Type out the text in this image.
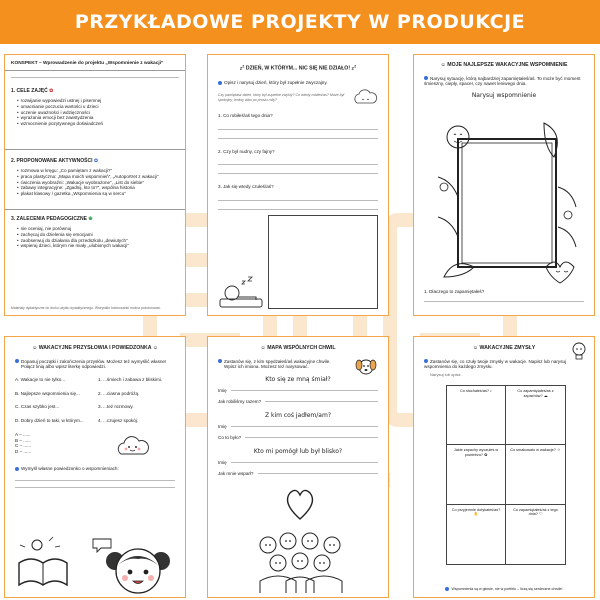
PRZYKŁADOWE PROJEKTY W PRODUKCJE
KONSPEKT – Wprowadzenie do projektu „Wspomnienie z wakacji”
1. CELE ZAJĘĆ ✿
• rozwijanie wypowiedzi ustnej i pisemnej
• umacnianie poczucia wartości u dzieci
• uczenie uważności i wdzięczności
• wyrażania emocji bez zawstydzenia
• wzmocnienie pozytywnego doświadczeń
2. PROPONOWANE AKTYWNOŚCI ✿
• rozmowa w kręgu: „Co pamiętam z wakacji?”
• praca plastyczna: „Mapa moich wspomnień”, „Autoportret z wakacji”
• ćwiczenia wyobraźni: „Wakacje wyobrażone”, „List do siebie”
• zabawy integracyjne: „Zgadnij, kto to?”, wspólna historia
• plakat klasowy / gazetka „Wspomnienia są w sercu”
3. ZALECENIA PEDAGOGICZNE ❀
• nie oceniaj, nie porównuj
• zachęcaj do dzielenia się emocjami
• zaobserwuj do działania dla przedszkolu „dewiutych”
• wspieraj dzieci, którym nie miały „ulubionych wakacji”
Materiały dydaktyczne do druku użytku dydaktycznego. Wszystkie kolorowanki można pokolorować.
$z^z$ DZIEŃ, W KTÓRYM... NIC SIĘ NIE DZIAŁO! $z^z$
Opisz i narysuj dzień, który był zupełnie zwyczajny.
Czy pamiętasz dzień, który był zupełnie zwykły? Co wtedy robiłeś/aś? Może był spokojny, leniwy albo po prostu miły?
1. Co robiłeś/aś tego dnia?
2. Czy był nudny, czy fajny?
3. Jak się wtedy czułeś/aś?
☺ MOJE NAJLEPSZE WAKACYJNE WSPOMNIENIE
Narysuj sytuację, którą najbardziej zapamiętałeś/aś. To może być moment śmieszny, ciepły, spacer, czy nawet leniwego dnia.
Narysuj wspomnienie
1. Dlaczego to zapamiętałeś?
☺ WAKACYJNE PRZYSŁOWIA I POWIEDZONKA ☺
Dopasuj początki i zakończenia przysłów. Możesz też wymyślić własne!
Połącz linią albo wpisz literkę odpowiedzi.
A. Wakacje to nie tylko...
B. Najlepsze wspomnienia się...
C. Czas szybko jest...
D. Dobry dzień to taki, w którym...
1. ...śmiech i zabawa z bliskimi.
2. ...ciasna podróżą.
3. ...też rozmowy.
4. ...czujesz spokój.
A – ......
B – ......
C – ......
D – ......
Wymyśl własne powiedzonko o wspomnieniach:
☺ MAPA WSPÓLNYCH CHWIL
Zastanów się, z kim spędzałeś/aś wakacyjne chwile.
Wpisz ich imiona. Możesz też narysować.
Kto się ze mną śmiał?
Imię
Jak robiliśmy razem?
Z kim coś jadłem/am?
Imię
Co to było?
Kto mi pomógł lub był blisko?
Imię
Jak mnie wsparł?
☺ WAKACYJNE ZMYSŁY
Zastanów się, co czuły twoje zmysły w wakacje. Napisz lub narysuj wspomnienia do każdego zmysłu.
Narysuj lub opisz.
Co słuchałeś/aś? ♪	Co zapamiętałeś/aś z zapachów? ☁
Jakie zapachy wyczułeś w powietrzu? ✿
Co smakowało w wakacje? ☺
Co przyjemnie dotykałeś/aś? ✋
Co zapamiętałeś/aś z tego dnia? ♡
Wspomnienia są w głowie, nie w portfelu – liczą się serdeczne chwile!
